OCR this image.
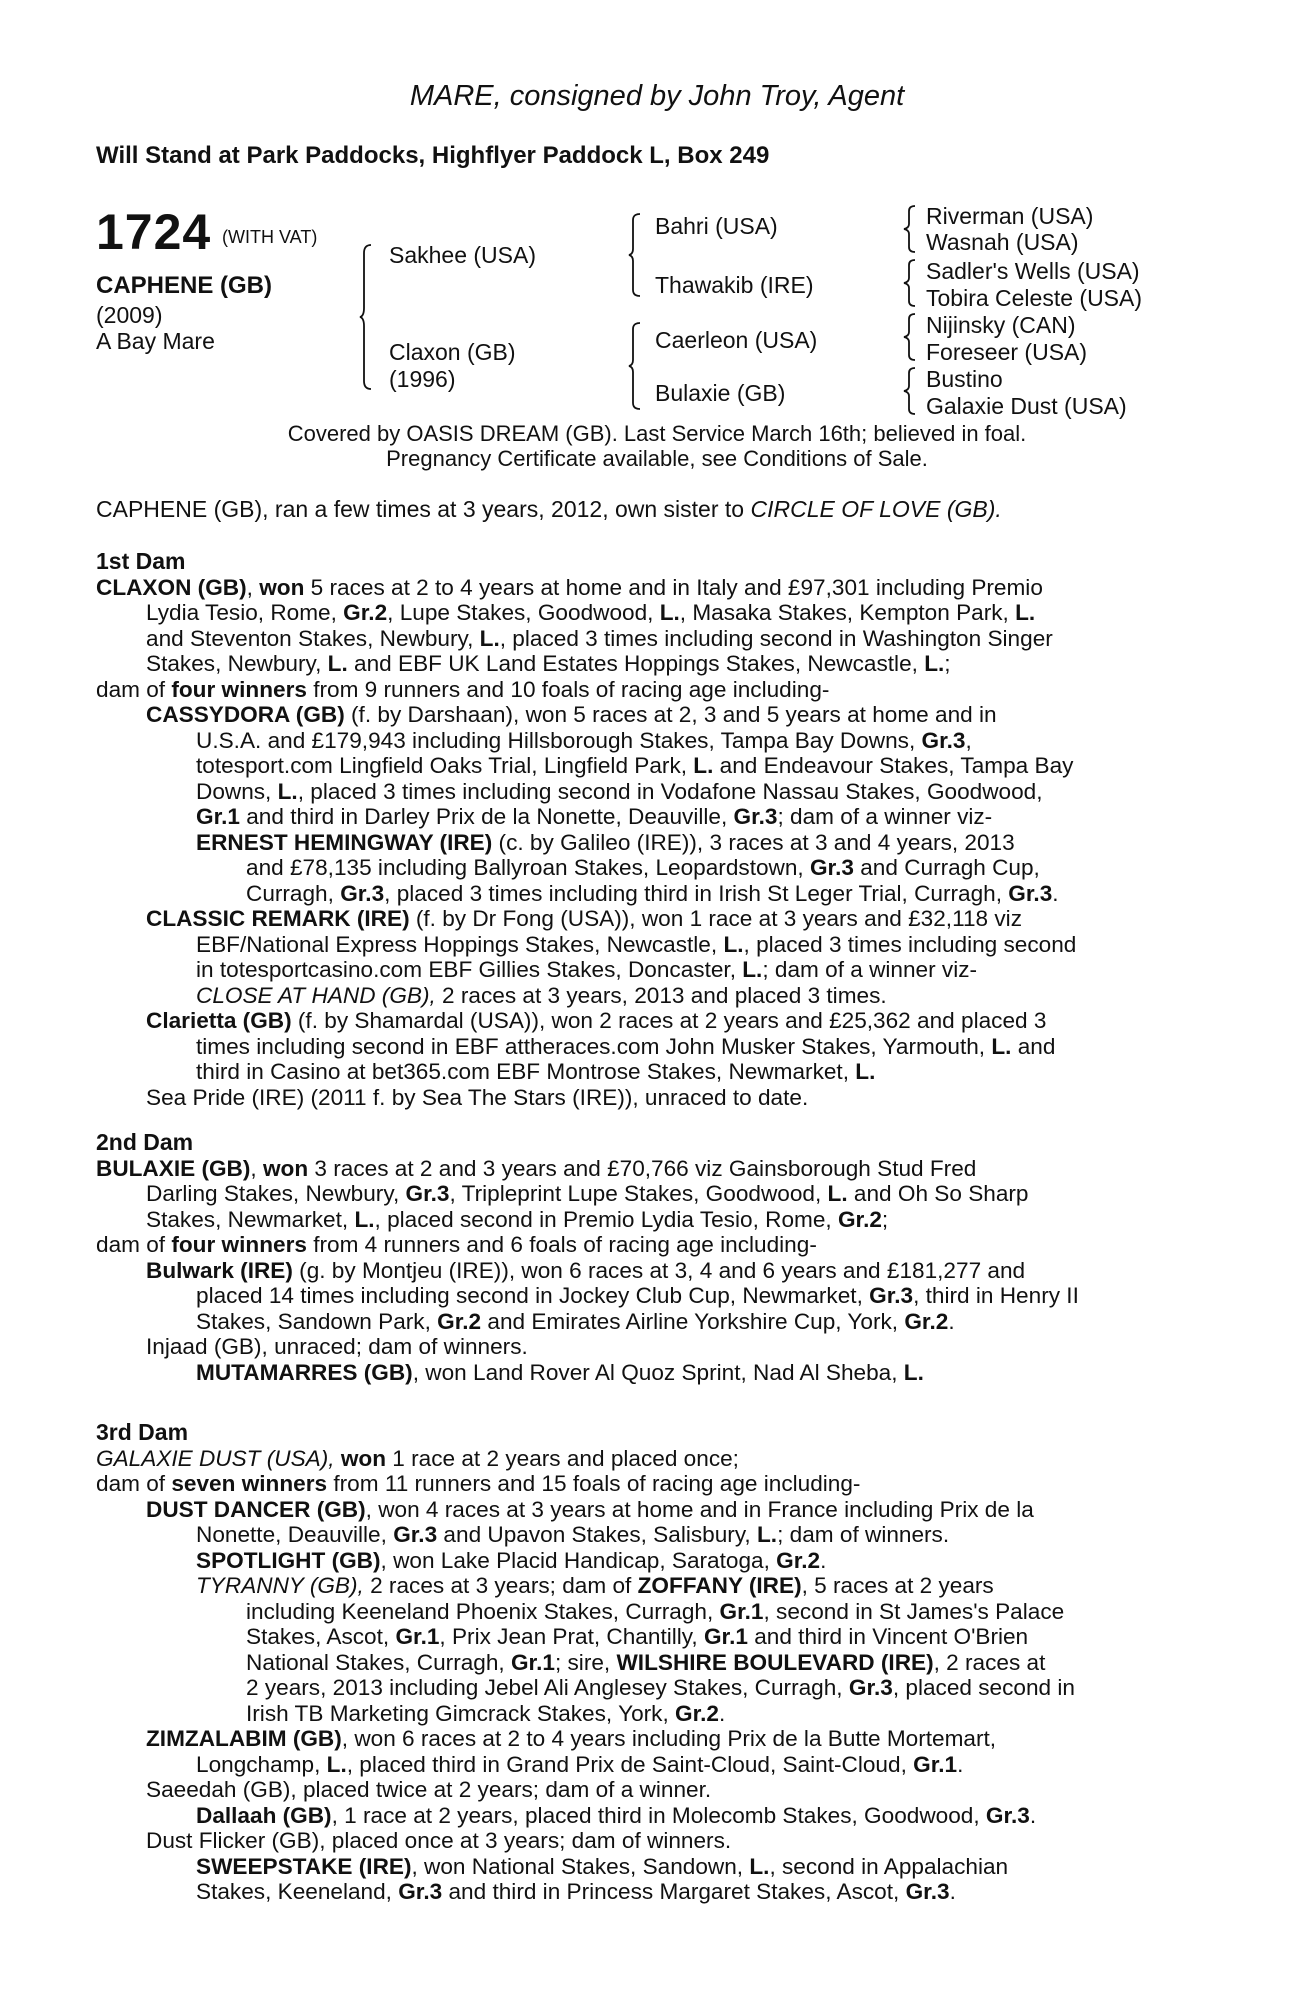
MARE, consigned by John Troy, Agent
Will Stand at Park Paddocks, Highflyer Paddock L, Box 249
1724 (WITH VAT)
CAPHENE (GB)
(2009)
A Bay Mare
Sakhee (USA)
Claxon (GB)
(1996)
Bahri (USA)
Thawakib (IRE)
Caerleon (USA)
Bulaxie (GB)
Riverman (USA)
Wasnah (USA)
Sadler's Wells (USA)
Tobira Celeste (USA)
Nijinsky (CAN)
Foreseer (USA)
Bustino
Galaxie Dust (USA)
Covered by OASIS DREAM (GB). Last Service March 16th; believed in foal.
Pregnancy Certificate available, see Conditions of Sale.
CAPHENE (GB), ran a few times at 3 years, 2012, own sister to CIRCLE OF LOVE (GB).
1st Dam
CLAXON (GB), won 5 races at 2 to 4 years at home and in Italy and £97,301 including Premio
Lydia Tesio, Rome, Gr.2, Lupe Stakes, Goodwood, L., Masaka Stakes, Kempton Park, L.
and Steventon Stakes, Newbury, L., placed 3 times including second in Washington Singer
Stakes, Newbury, L. and EBF UK Land Estates Hoppings Stakes, Newcastle, L.;
dam of four winners from 9 runners and 10 foals of racing age including-
CASSYDORA (GB) (f. by Darshaan), won 5 races at 2, 3 and 5 years at home and in
U.S.A. and £179,943 including Hillsborough Stakes, Tampa Bay Downs, Gr.3,
totesport.com Lingfield Oaks Trial, Lingfield Park, L. and Endeavour Stakes, Tampa Bay
Downs, L., placed 3 times including second in Vodafone Nassau Stakes, Goodwood,
Gr.1 and third in Darley Prix de la Nonette, Deauville, Gr.3; dam of a winner viz-
ERNEST HEMINGWAY (IRE) (c. by Galileo (IRE)), 3 races at 3 and 4 years, 2013
and £78,135 including Ballyroan Stakes, Leopardstown, Gr.3 and Curragh Cup,
Curragh, Gr.3, placed 3 times including third in Irish St Leger Trial, Curragh, Gr.3.
CLASSIC REMARK (IRE) (f. by Dr Fong (USA)), won 1 race at 3 years and £32,118 viz
EBF/National Express Hoppings Stakes, Newcastle, L., placed 3 times including second
in totesportcasino.com EBF Gillies Stakes, Doncaster, L.; dam of a winner viz-
CLOSE AT HAND (GB), 2 races at 3 years, 2013 and placed 3 times.
Clarietta (GB) (f. by Shamardal (USA)), won 2 races at 2 years and £25,362 and placed 3
times including second in EBF attheraces.com John Musker Stakes, Yarmouth, L. and
third in Casino at bet365.com EBF Montrose Stakes, Newmarket, L.
Sea Pride (IRE) (2011 f. by Sea The Stars (IRE)), unraced to date.
2nd Dam
BULAXIE (GB), won 3 races at 2 and 3 years and £70,766 viz Gainsborough Stud Fred
Darling Stakes, Newbury, Gr.3, Tripleprint Lupe Stakes, Goodwood, L. and Oh So Sharp
Stakes, Newmarket, L., placed second in Premio Lydia Tesio, Rome, Gr.2;
dam of four winners from 4 runners and 6 foals of racing age including-
Bulwark (IRE) (g. by Montjeu (IRE)), won 6 races at 3, 4 and 6 years and £181,277 and
placed 14 times including second in Jockey Club Cup, Newmarket, Gr.3, third in Henry II
Stakes, Sandown Park, Gr.2 and Emirates Airline Yorkshire Cup, York, Gr.2.
Injaad (GB), unraced; dam of winners.
MUTAMARRES (GB), won Land Rover Al Quoz Sprint, Nad Al Sheba, L.
3rd Dam
GALAXIE DUST (USA), won 1 race at 2 years and placed once;
dam of seven winners from 11 runners and 15 foals of racing age including-
DUST DANCER (GB), won 4 races at 3 years at home and in France including Prix de la
Nonette, Deauville, Gr.3 and Upavon Stakes, Salisbury, L.; dam of winners.
SPOTLIGHT (GB), won Lake Placid Handicap, Saratoga, Gr.2.
TYRANNY (GB), 2 races at 3 years; dam of ZOFFANY (IRE), 5 races at 2 years
including Keeneland Phoenix Stakes, Curragh, Gr.1, second in St James's Palace
Stakes, Ascot, Gr.1, Prix Jean Prat, Chantilly, Gr.1 and third in Vincent O'Brien
National Stakes, Curragh, Gr.1; sire, WILSHIRE BOULEVARD (IRE), 2 races at
2 years, 2013 including Jebel Ali Anglesey Stakes, Curragh, Gr.3, placed second in
Irish TB Marketing Gimcrack Stakes, York, Gr.2.
ZIMZALABIM (GB), won 6 races at 2 to 4 years including Prix de la Butte Mortemart,
Longchamp, L., placed third in Grand Prix de Saint-Cloud, Saint-Cloud, Gr.1.
Saeedah (GB), placed twice at 2 years; dam of a winner.
Dallaah (GB), 1 race at 2 years, placed third in Molecomb Stakes, Goodwood, Gr.3.
Dust Flicker (GB), placed once at 3 years; dam of winners.
SWEEPSTAKE (IRE), won National Stakes, Sandown, L., second in Appalachian
Stakes, Keeneland, Gr.3 and third in Princess Margaret Stakes, Ascot, Gr.3.
